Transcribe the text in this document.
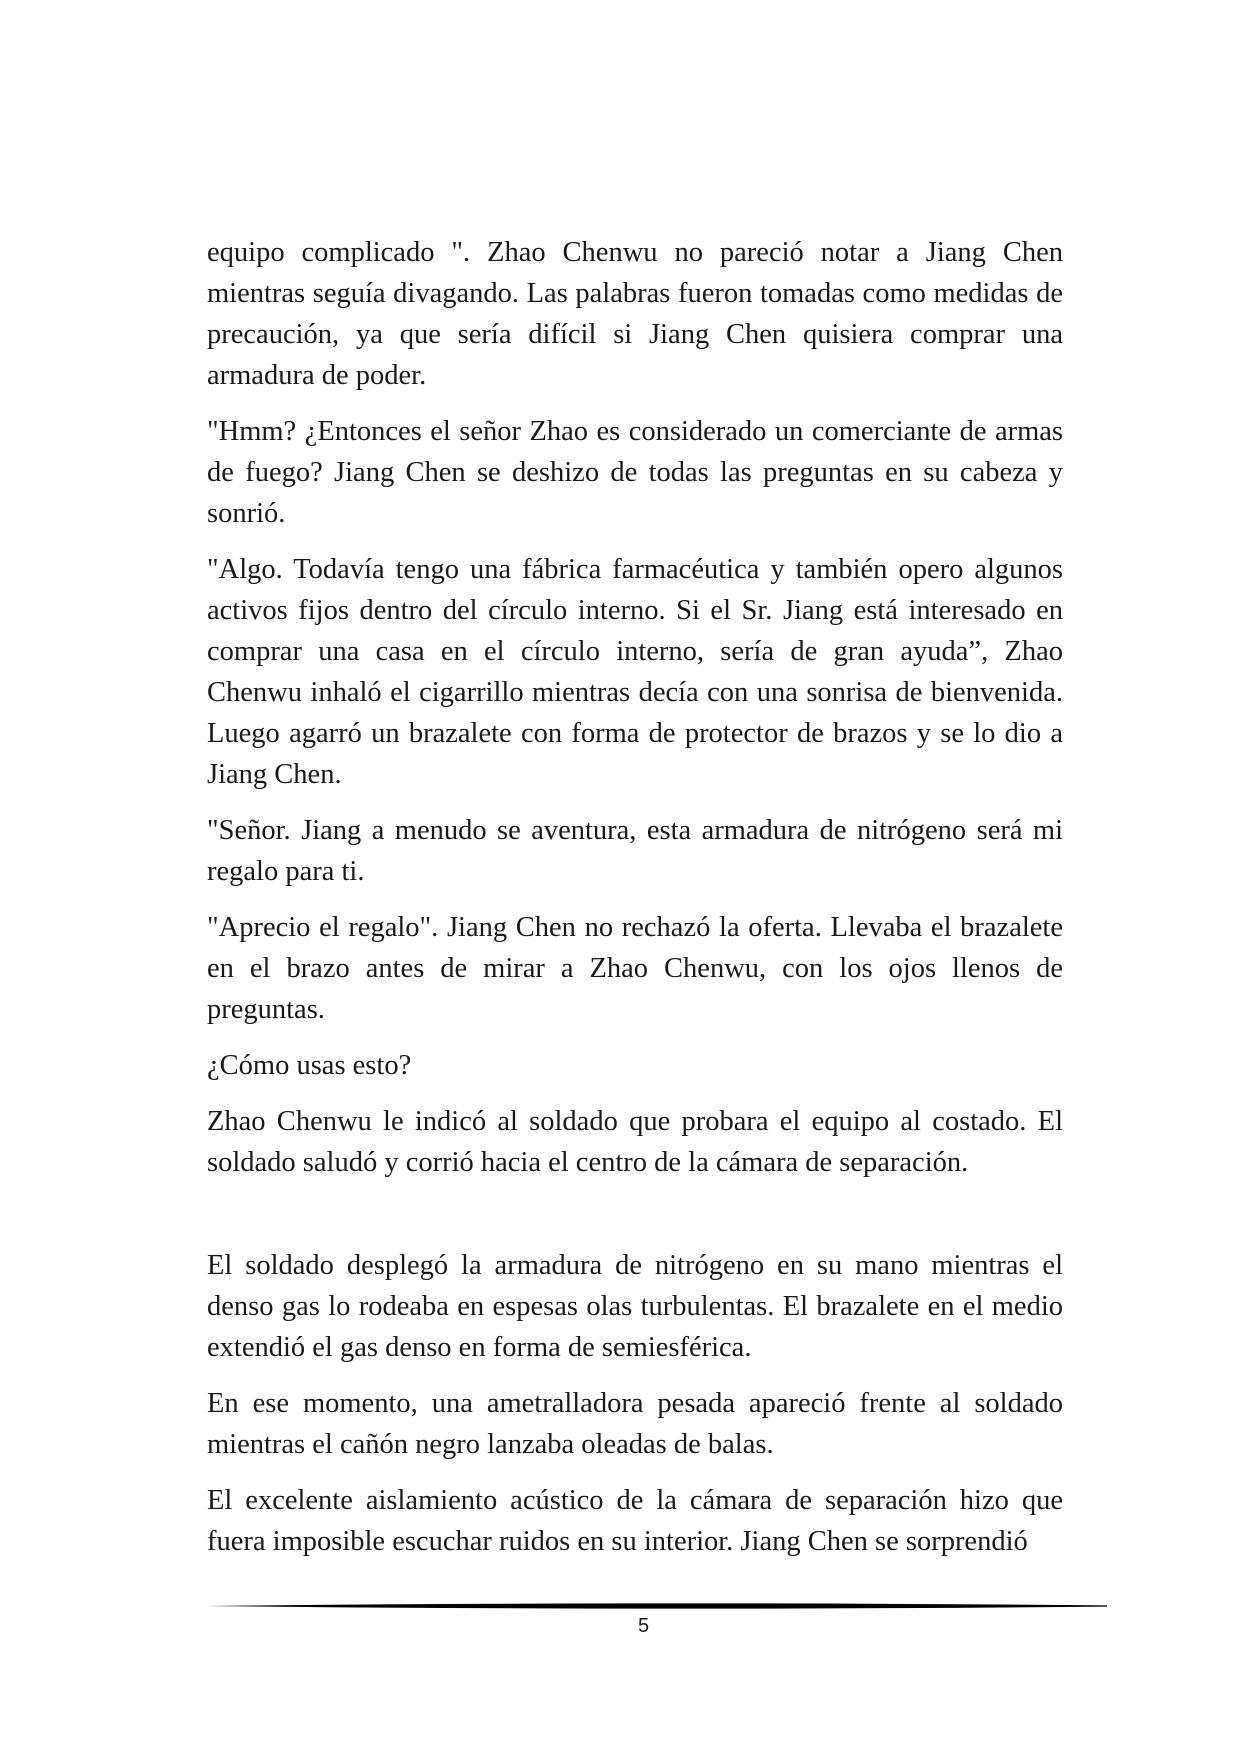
equipo complicado ". Zhao Chenwu no pareció notar a Jiang Chen mientras seguía divagando. Las palabras fueron tomadas como medidas de precaución, ya que sería difícil si Jiang Chen quisiera comprar una armadura de poder.

"Hmm? ¿Entonces el señor Zhao es considerado un comerciante de armas de fuego? Jiang Chen se deshizo de todas las preguntas en su cabeza y sonrió.

"Algo. Todavía tengo una fábrica farmacéutica y también opero algunos activos fijos dentro del círculo interno. Si el Sr. Jiang está interesado en comprar una casa en el círculo interno, sería de gran ayuda”, Zhao Chenwu inhaló el cigarrillo mientras decía con una sonrisa de bienvenida. Luego agarró un brazalete con forma de protector de brazos y se lo dio a Jiang Chen.

"Señor. Jiang a menudo se aventura, esta armadura de nitrógeno será mi regalo para ti.

"Aprecio el regalo". Jiang Chen no rechazó la oferta. Llevaba el brazalete en el brazo antes de mirar a Zhao Chenwu, con los ojos llenos de preguntas.

¿Cómo usas esto?

Zhao Chenwu le indicó al soldado que probara el equipo al costado. El soldado saludó y corrió hacia el centro de la cámara de separación.

El soldado desplegó la armadura de nitrógeno en su mano mientras el denso gas lo rodeaba en espesas olas turbulentas. El brazalete en el medio extendió el gas denso en forma de semiesférica.

En ese momento, una ametralladora pesada apareció frente al soldado mientras el cañón negro lanzaba oleadas de balas.

El excelente aislamiento acústico de la cámara de separación hizo que fuera imposible escuchar ruidos en su interior. Jiang Chen se sorprendió

5
